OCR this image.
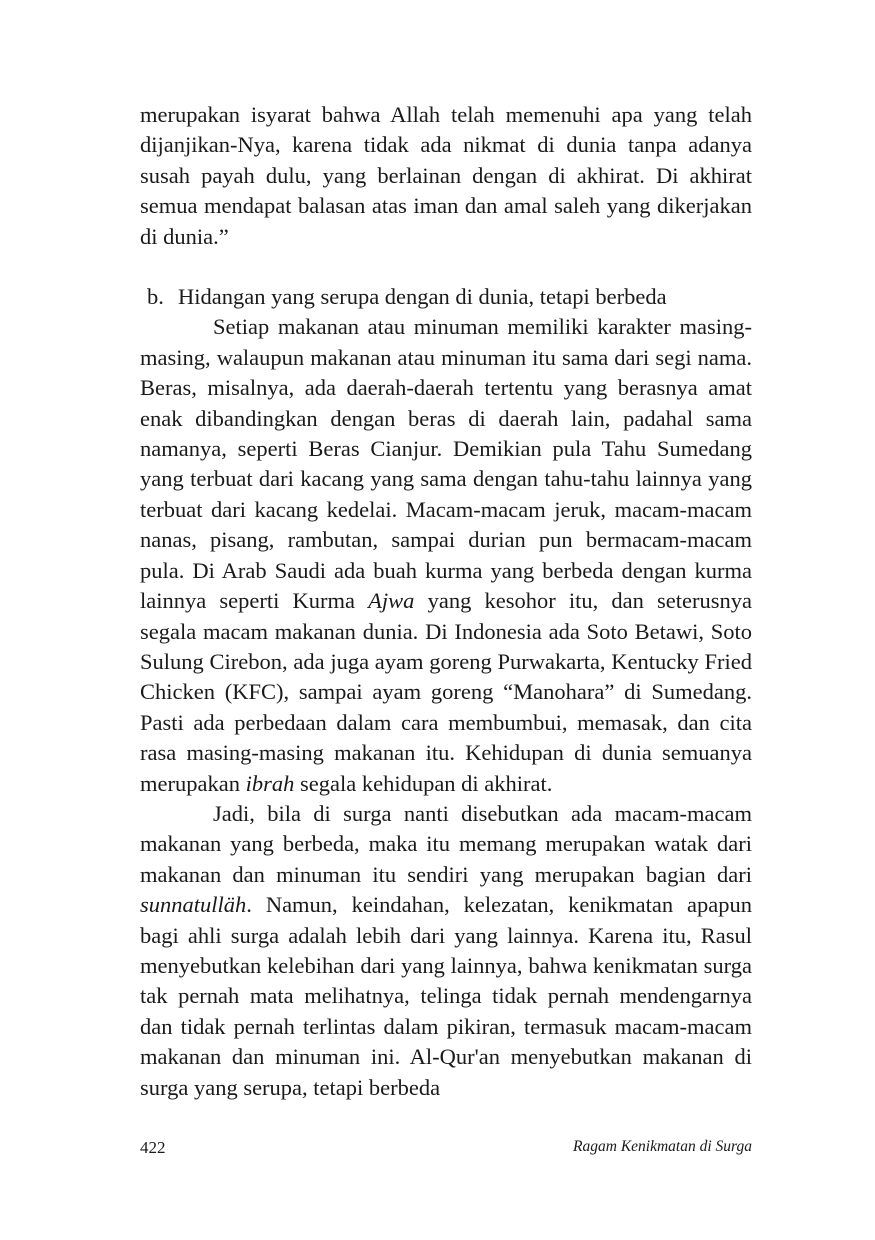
merupakan isyarat bahwa Allah telah memenuhi apa yang telah dijanjikan-Nya, karena tidak ada nikmat di dunia tanpa adanya susah payah dulu, yang berlainan dengan di akhirat. Di akhirat semua mendapat balasan atas iman dan amal saleh yang dikerjakan di dunia.”

b. Hidangan yang serupa dengan di dunia, tetapi berbeda

Setiap makanan atau minuman memiliki karakter masing-masing, walaupun makanan atau minuman itu sama dari segi nama. Beras, misalnya, ada daerah-daerah tertentu yang berasnya amat enak dibandingkan dengan beras di daerah lain, padahal sama namanya, seperti Beras Cianjur. Demikian pula Tahu Sumedang yang terbuat dari kacang yang sama dengan tahu-tahu lainnya yang terbuat dari kacang kedelai. Macam-macam jeruk, macam-macam nanas, pisang, rambutan, sampai durian pun bermacam-macam pula. Di Arab Saudi ada buah kurma yang berbeda dengan kurma lainnya seperti Kurma Ajwa yang kesohor itu, dan seterusnya segala macam makanan dunia. Di Indonesia ada Soto Betawi, Soto Sulung Cirebon, ada juga ayam goreng Purwakarta, Kentucky Fried Chicken (KFC), sampai ayam goreng “Manohara” di Sumedang. Pasti ada perbedaan dalam cara membumbui, memasak, dan cita rasa masing-masing makanan itu. Kehidupan di dunia semuanya merupakan ibrah segala kehidupan di akhirat.

Jadi, bila di surga nanti disebutkan ada macam-macam makanan yang berbeda, maka itu memang merupakan watak dari makanan dan minuman itu sendiri yang merupakan bagian dari sunnatulläh. Namun, keindahan, kelezatan, kenikmatan apapun bagi ahli surga adalah lebih dari yang lainnya. Karena itu, Rasul menyebutkan kelebihan dari yang lainnya, bahwa kenikmatan surga tak pernah mata melihatnya, telinga tidak pernah mendengarnya dan tidak pernah terlintas dalam pikiran, termasuk macam-macam makanan dan minuman ini. Al-Qur'an menyebutkan makanan di surga yang serupa, tetapi berbeda

422	Ragam Kenikmatan di Surga
